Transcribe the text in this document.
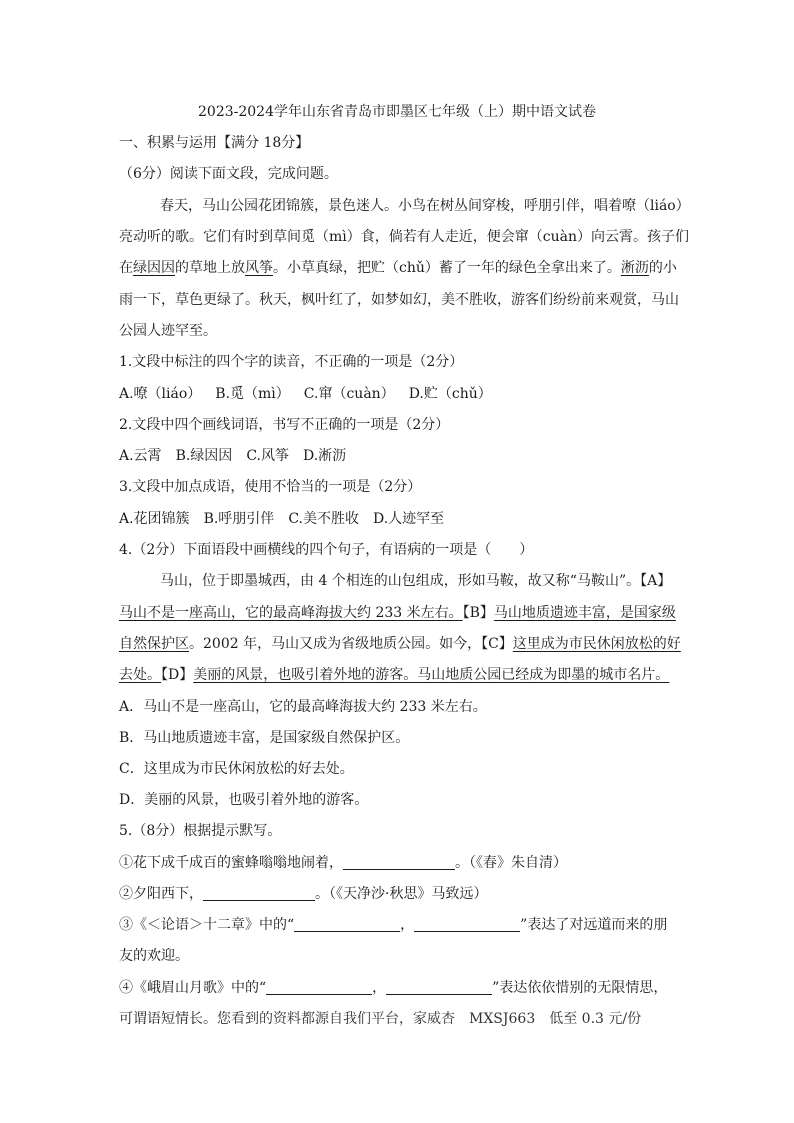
2023-2024学年山东省青岛市即墨区七年级（上）期中语文试卷
一、积累与运用【满分 18分】
（6分）阅读下面文段，完成问题。
春天，马山公园花团锦簇，景色迷人。小鸟在树丛间穿梭，呼朋引伴，唱着嘹（liáo）
亮动听的歌。它们有时到草间觅（mì）食，倘若有人走近，便会窜（cuàn）向云霄。孩子们
在绿因因的草地上放风筝。小草真绿，把贮（chǔ）蓄了一年的绿色全拿出来了。淅沥的小
雨一下，草色更绿了。秋天，枫叶红了，如梦如幻，美不胜收，游客们纷纷前来观赏，马山
公园人迹罕至。
1.文段中标注的四个字的读音，不正确的一项是（2分）
A.嘹（liáo） B.觅（mì） C.窜（cuàn） D.贮（chǔ）
2.文段中四个画线词语，书写不正确的一项是（2分）
A.云霄 B.绿因因 C.风筝 D.淅沥
3.文段中加点成语，使用不恰当的一项是（2分）
A.花团锦簇 B.呼朋引伴 C.美不胜收 D.人迹罕至
4.（2分）下面语段中画横线的四个句子，有语病的一项是（　　）
马山，位于即墨城西，由 4 个相连的山包组成，形如马鞍，故又称“马鞍山”。【A】
马山不是一座高山，它的最高峰海拔大约 233 米左右。【B】马山地质遗迹丰富，是国家级
自然保护区。2002 年，马山又成为省级地质公园。如今，【C】这里成为市民休闲放松的好
去处。【D】美丽的风景，也吸引着外地的游客。马山地质公园已经成为即墨的城市名片。
A．马山不是一座高山，它的最高峰海拔大约 233 米左右。
B．马山地质遗迹丰富，是国家级自然保护区。
C．这里成为市民休闲放松的好去处。
D．美丽的风景，也吸引着外地的游客。
5.（8分）根据提示默写。
①花下成千成百的蜜蜂嗡嗡地闹着，	。（《春》朱自清）
②夕阳西下，	。（《天净沙·秋思》马致远）
③《＜论语＞十二章》中的“	，	”表达了对远道而来的朋
友的欢迎。
④《峨眉山月歌》中的“	，	”表达依依惜别的无限情思，
可谓语短情长。您看到的资料都源自我们平台，家威杏　MXSJ663　低至 0.3 元/份
